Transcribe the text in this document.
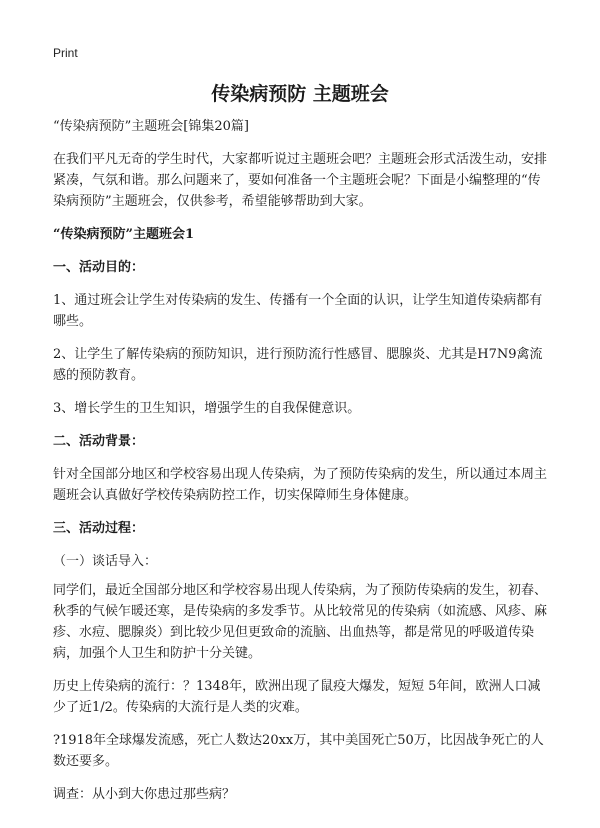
Print
传染病预防 主题班会

“传染病预防”主题班会[锦集20篇]

在我们平凡无奇的学生时代，大家都听说过主题班会吧？主题班会形式活泼生动，安排紧凑，气氛和谐。那么问题来了，要如何准备一个主题班会呢？下面是小编整理的“传染病预防”主题班会，仅供参考，希望能够帮助到大家。

“传染病预防”主题班会1
一、活动目的：

1、通过班会让学生对传染病的发生、传播有一个全面的认识，让学生知道传染病都有哪些。

2、让学生了解传染病的预防知识，进行预防流行性感冒、腮腺炎、尤其是H7N9禽流感的预防教育。

3、增长学生的卫生知识，增强学生的自我保健意识。

二、活动背景：

针对全国部分地区和学校容易出现人传染病，为了预防传染病的发生，所以通过本周主题班会认真做好学校传染病防控工作，切实保障师生身体健康。

三、活动过程：

（一）谈话导入：

同学们，最近全国部分地区和学校容易出现人传染病，为了预防传染病的发生，初春、秋季的气候乍暖还寒，是传染病的多发季节。从比较常见的传染病（如流感、风疹、麻疹、水痘、腮腺炎）到比较少见但更致命的流脑、出血热等，都是常见的呼吸道传染病，加强个人卫生和防护十分关键。

历史上传染病的流行：？1348年，欧洲出现了鼠疫大爆发，短短 5年间，欧洲人口减少了近1/2。传染病的大流行是人类的灾难。

?1918年全球爆发流感，死亡人数达20xx万，其中美国死亡50万，比因战争死亡的人数还要多。

调查：从小到大你患过那些病？
